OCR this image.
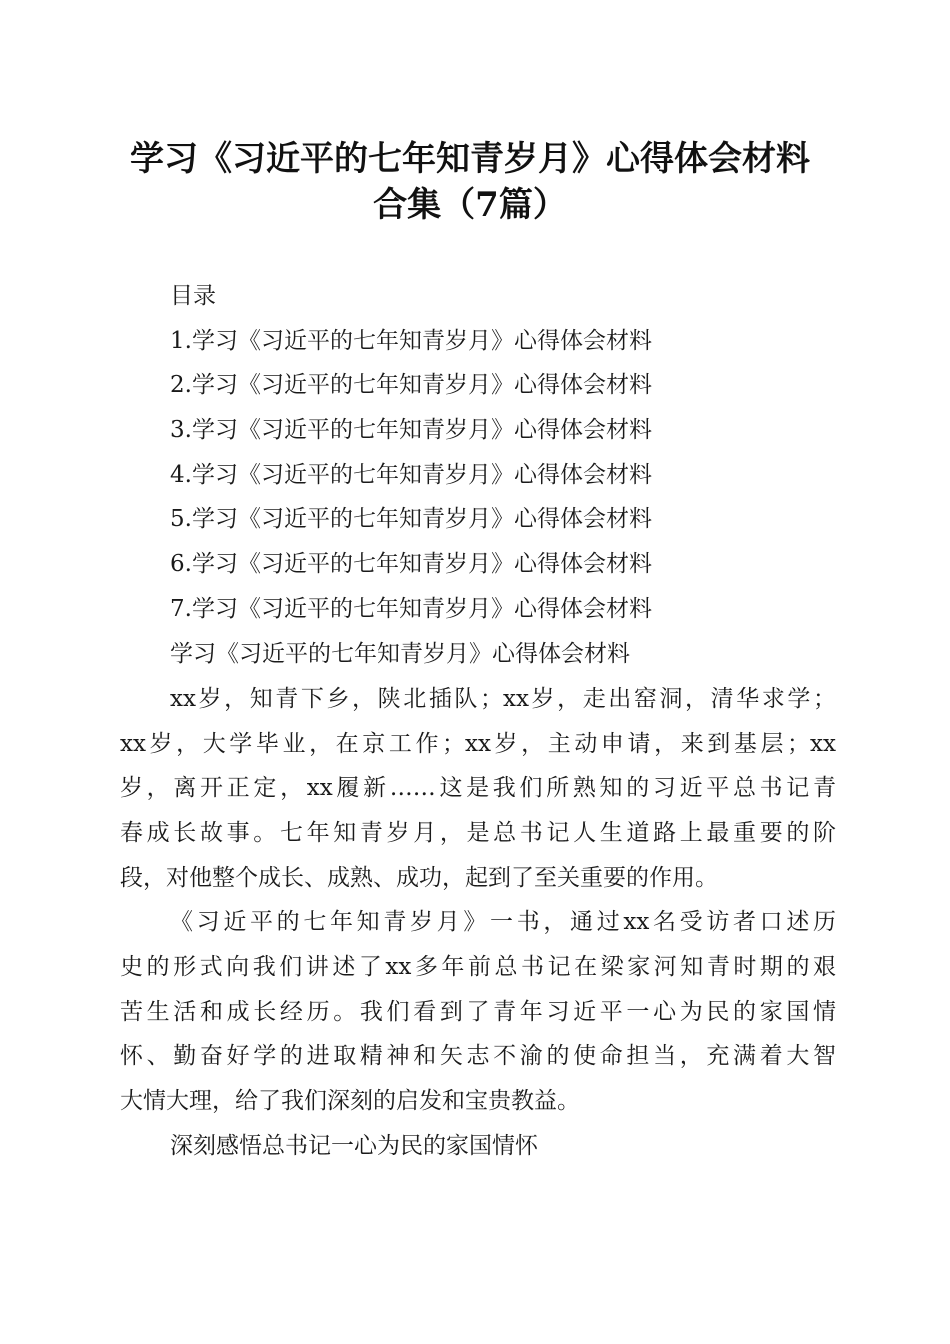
学习《习近平的七年知青岁月》心得体会材料
合集（7篇）

目录

1.学习《习近平的七年知青岁月》心得体会材料

2.学习《习近平的七年知青岁月》心得体会材料

3.学习《习近平的七年知青岁月》心得体会材料

4.学习《习近平的七年知青岁月》心得体会材料

5.学习《习近平的七年知青岁月》心得体会材料

6.学习《习近平的七年知青岁月》心得体会材料

7.学习《习近平的七年知青岁月》心得体会材料

学习《习近平的七年知青岁月》心得体会材料

xx岁，知青下乡，陕北插队；xx岁，走出窑洞，清华求学；

xx岁，大学毕业，在京工作；xx岁，主动申请，来到基层；xx

岁，离开正定，xx履新……这是我们所熟知的习近平总书记青

春成长故事。七年知青岁月，是总书记人生道路上最重要的阶

段，对他整个成长、成熟、成功，起到了至关重要的作用。

《习近平的七年知青岁月》一书，通过xx名受访者口述历

史的形式向我们讲述了xx多年前总书记在梁家河知青时期的艰

苦生活和成长经历。我们看到了青年习近平一心为民的家国情

怀、勤奋好学的进取精神和矢志不渝的使命担当，充满着大智

大情大理，给了我们深刻的启发和宝贵教益。

深刻感悟总书记一心为民的家国情怀
